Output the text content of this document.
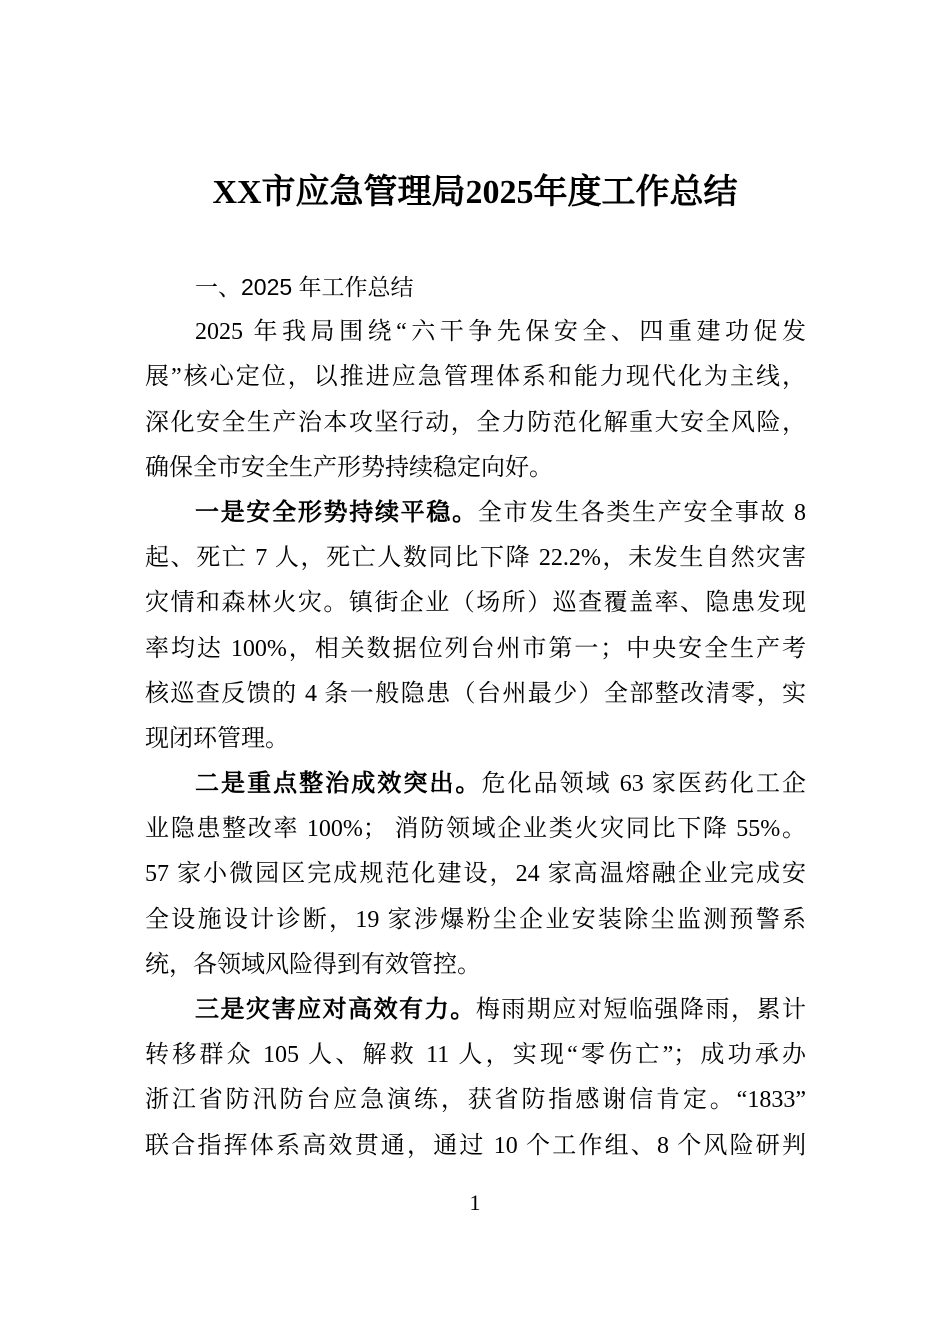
XX市应急管理局2025年度工作总结
一、2025 年工作总结
2025 年我局围绕“六干争先保安全、四重建功促发
展”核心定位，以推进应急管理体系和能力现代化为主线，
深化安全生产治本攻坚行动，全力防范化解重大安全风险，
确保全市安全生产形势持续稳定向好。
一是安全形势持续平稳。全市发生各类生产安全事故 8
起、死亡 7 人，死亡人数同比下降 22.2%，未发生自然灾害
灾情和森林火灾。镇街企业（场所）巡查覆盖率、隐患发现
率均达 100%，相关数据位列台州市第一；中央安全生产考
核巡查反馈的 4 条一般隐患（台州最少）全部整改清零，实
现闭环管理。
二是重点整治成效突出。危化品领域 63 家医药化工企
业隐患整改率 100%； 消防领域企业类火灾同比下降 55%。
57 家小微园区完成规范化建设，24 家高温熔融企业完成安
全设施设计诊断，19 家涉爆粉尘企业安装除尘监测预警系
统，各领域风险得到有效管控。
三是灾害应对高效有力。梅雨期应对短临强降雨，累计
转移群众 105 人、解救 11 人，实现“零伤亡”；成功承办
浙江省防汛防台应急演练，获省防指感谢信肯定。“1833”
联合指挥体系高效贯通，通过 10 个工作组、8 个风险研判
1
